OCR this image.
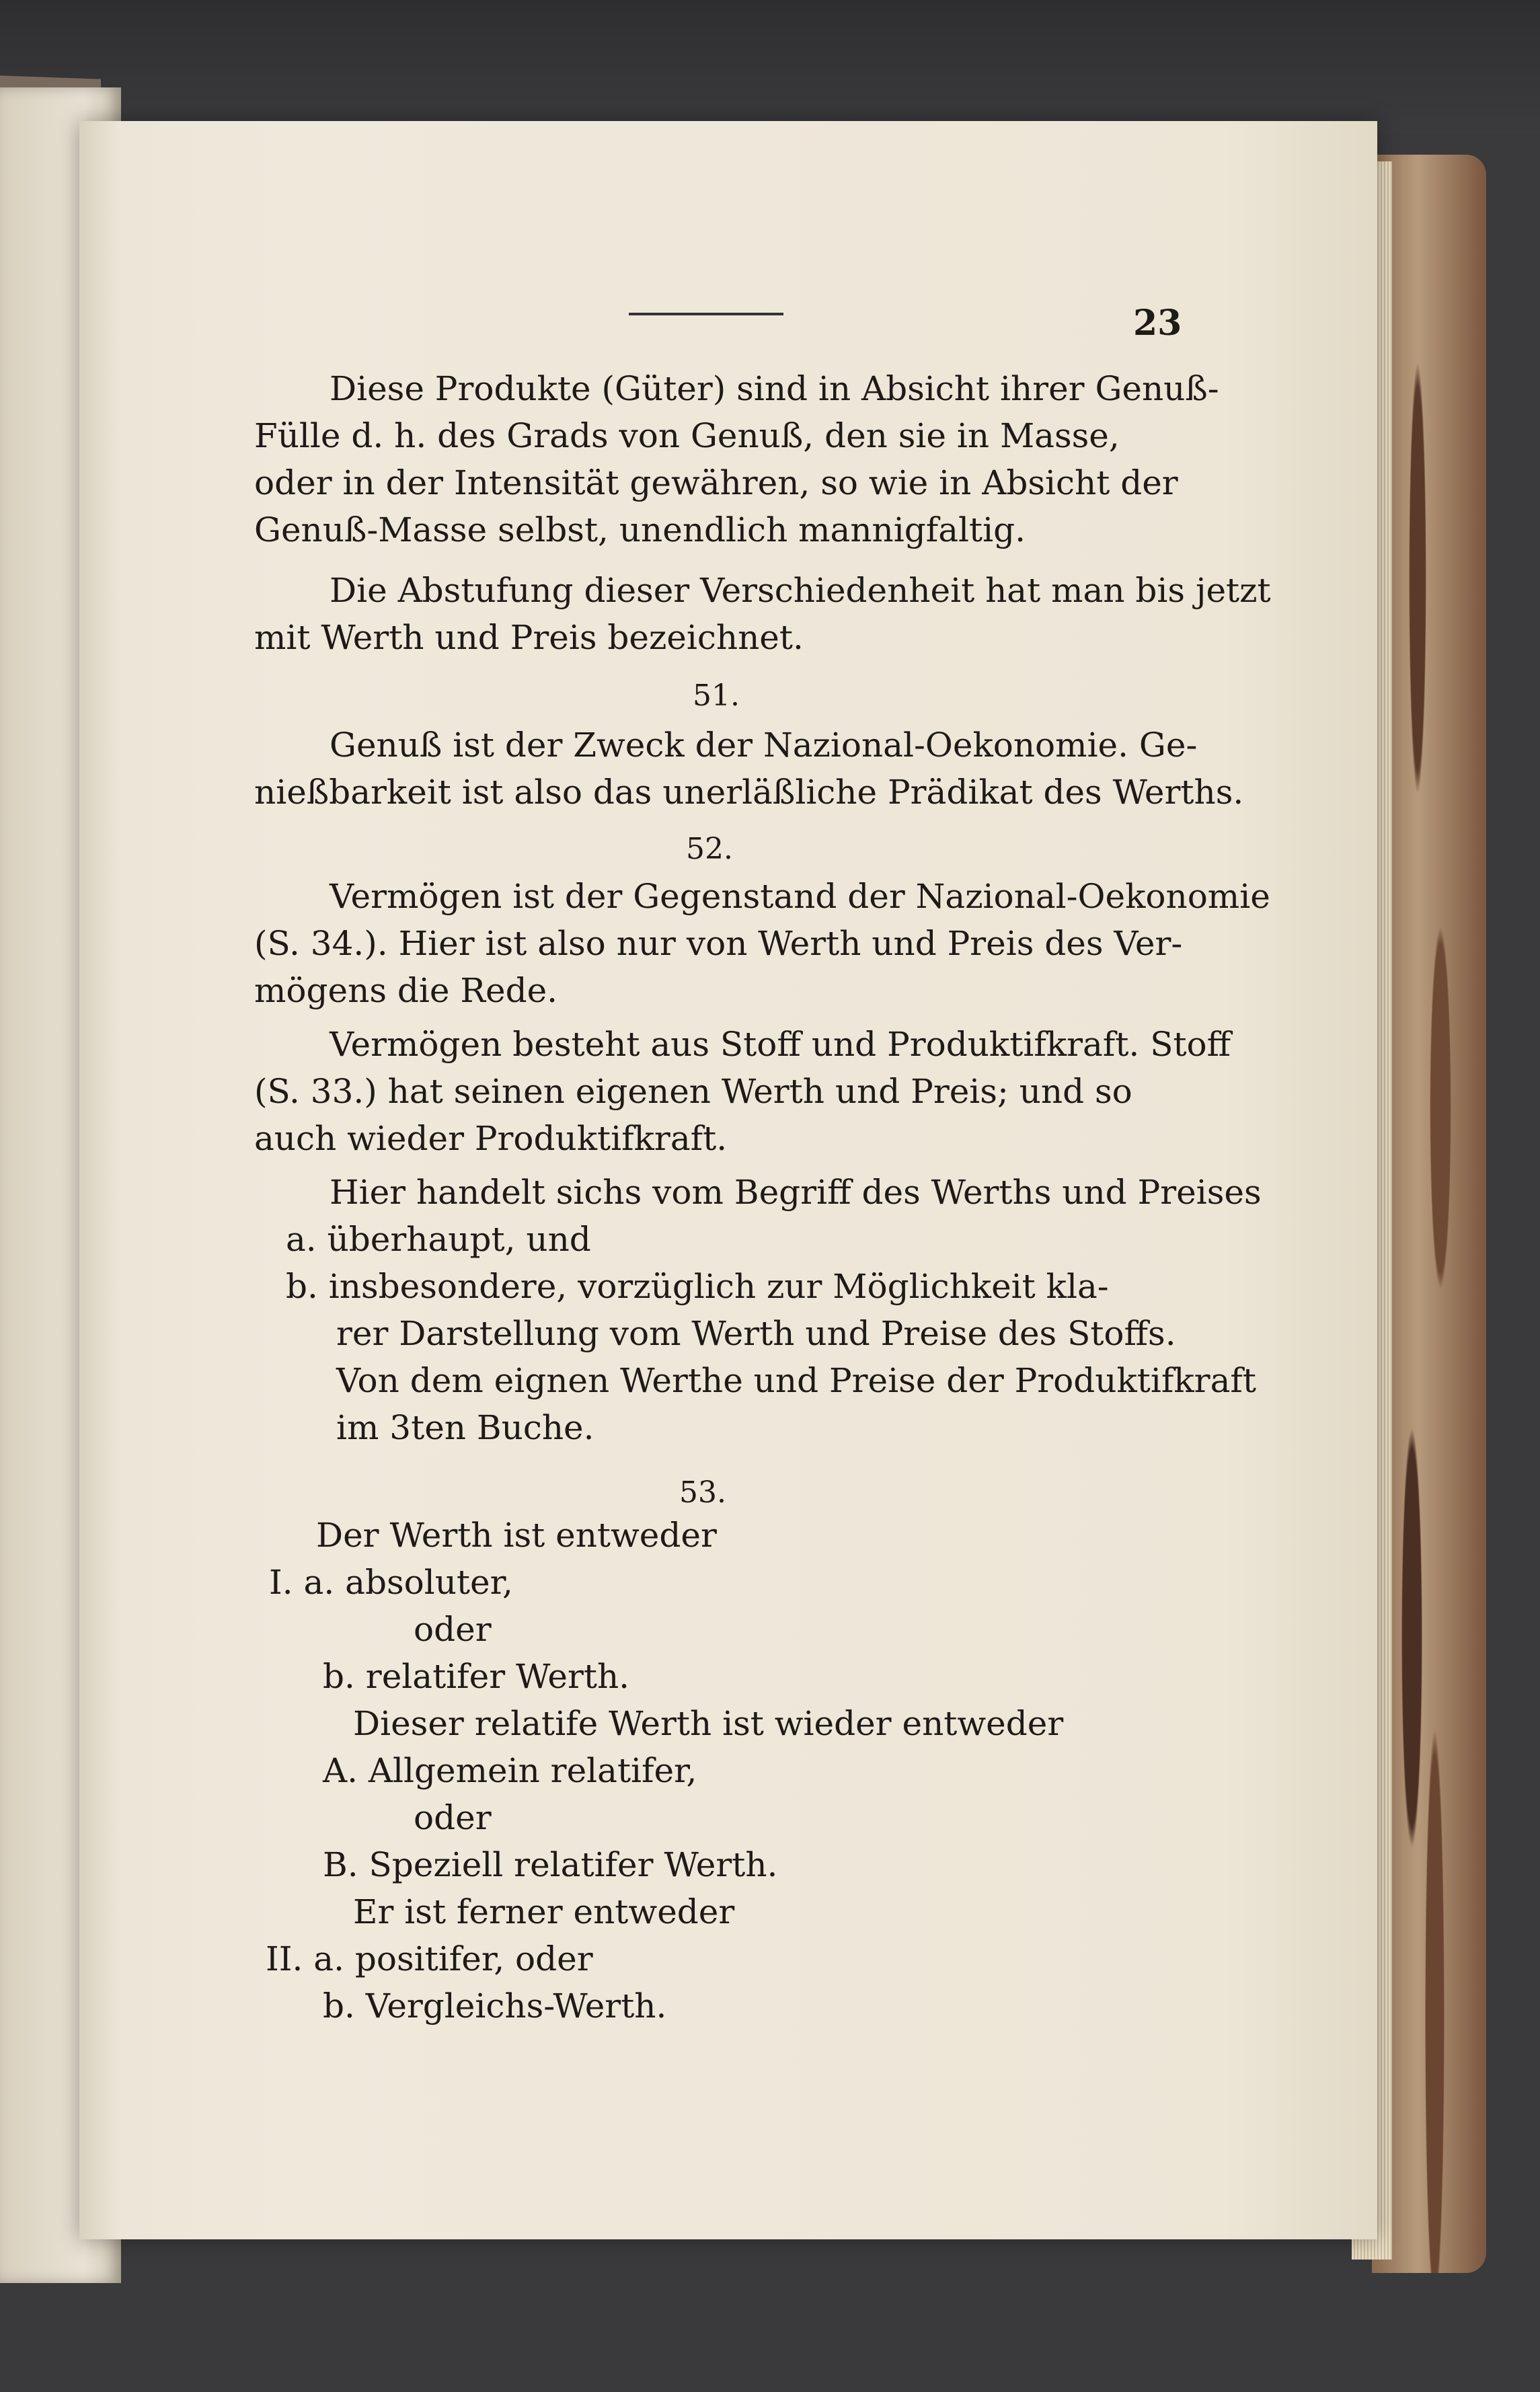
23
Diese Produkte (Güter) sind in Absicht ihrer Genuß-
Fülle d. h. des Grads von Genuß, den sie in Masse,
oder in der Intensität gewähren, so wie in Absicht der
Genuß-Masse selbst, unendlich mannigfaltig.
Die Abstufung dieser Verschiedenheit hat man bis jetzt
mit Werth und Preis bezeichnet.
51.
Genuß ist der Zweck der Nazional-Oekonomie. Ge-
nießbarkeit ist also das unerläßliche Prädikat des Werths.
52.
Vermögen ist der Gegenstand der Nazional-Oekonomie
(S. 34.). Hier ist also nur von Werth und Preis des Ver-
mögens die Rede.
Vermögen besteht aus Stoff und Produktifkraft. Stoff
(S. 33.) hat seinen eigenen Werth und Preis; und so
auch wieder Produktifkraft.
Hier handelt sichs vom Begriff des Werths und Preises
a. überhaupt, und
b. insbesondere, vorzüglich zur Möglichkeit kla-
rer Darstellung vom Werth und Preise des Stoffs.
Von dem eignen Werthe und Preise der Produktifkraft
im 3ten Buche.
53.
Der Werth ist entweder
I. a. absoluter,
oder
b. relatifer Werth.
Dieser relatife Werth ist wieder entweder
A. Allgemein relatifer,
oder
B. Speziell relatifer Werth.
Er ist ferner entweder
II. a. positifer, oder
b. Vergleichs-Werth.
